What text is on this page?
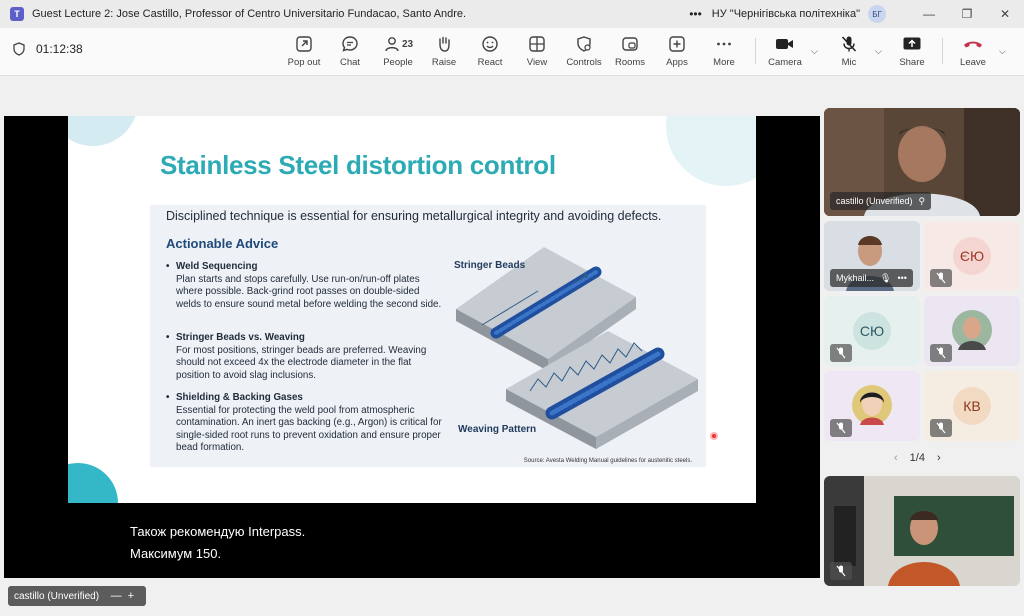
T	Guest Lecture 2: Jose Castillo, Professor of Centro Universitario Fundacao, Santo Andre.	••• НУ "Чернігівська політехніка"	БГ	—	❐	✕
01:12:38
Pop out Chat
23
People Raise React	View Controls Rooms Apps	More	Camera
⌵
Mic
⌵
Share	Leave
⌵
Stainless Steel distortion control
Disciplined technique is essential for ensuring metallurgical integrity and avoiding defects.
Actionable Advice
• Weld Sequencing
Plan starts and stops carefully. Use run-on/run-off plates where possible. Back-grind root passes on double-sided welds to ensure sound metal before welding the second side.
• Stringer Beads vs. Weaving
For most positions, stringer beads are preferred. Weaving should not exceed 4x the electrode diameter in the flat position to avoid slag inclusions.
• Shielding & Backing Gases
Essential for protecting the weld pool from atmospheric contamination. An inert gas backing (e.g., Argon) is critical for single-sided root runs to prevent oxidation and ensure proper bead formation.
Stringer Beads
Weaving Pattern
Source: Avesta Welding Manual guidelines for austenitic steels.
Також рекомендую Interpass.
Максимум 150.
castillo (Unverified) —+
castillo (Unverified) ⚲
Mykhail... 🎙 •••
ЄЮ
СЮ
КВ
‹ 1/4 ›
